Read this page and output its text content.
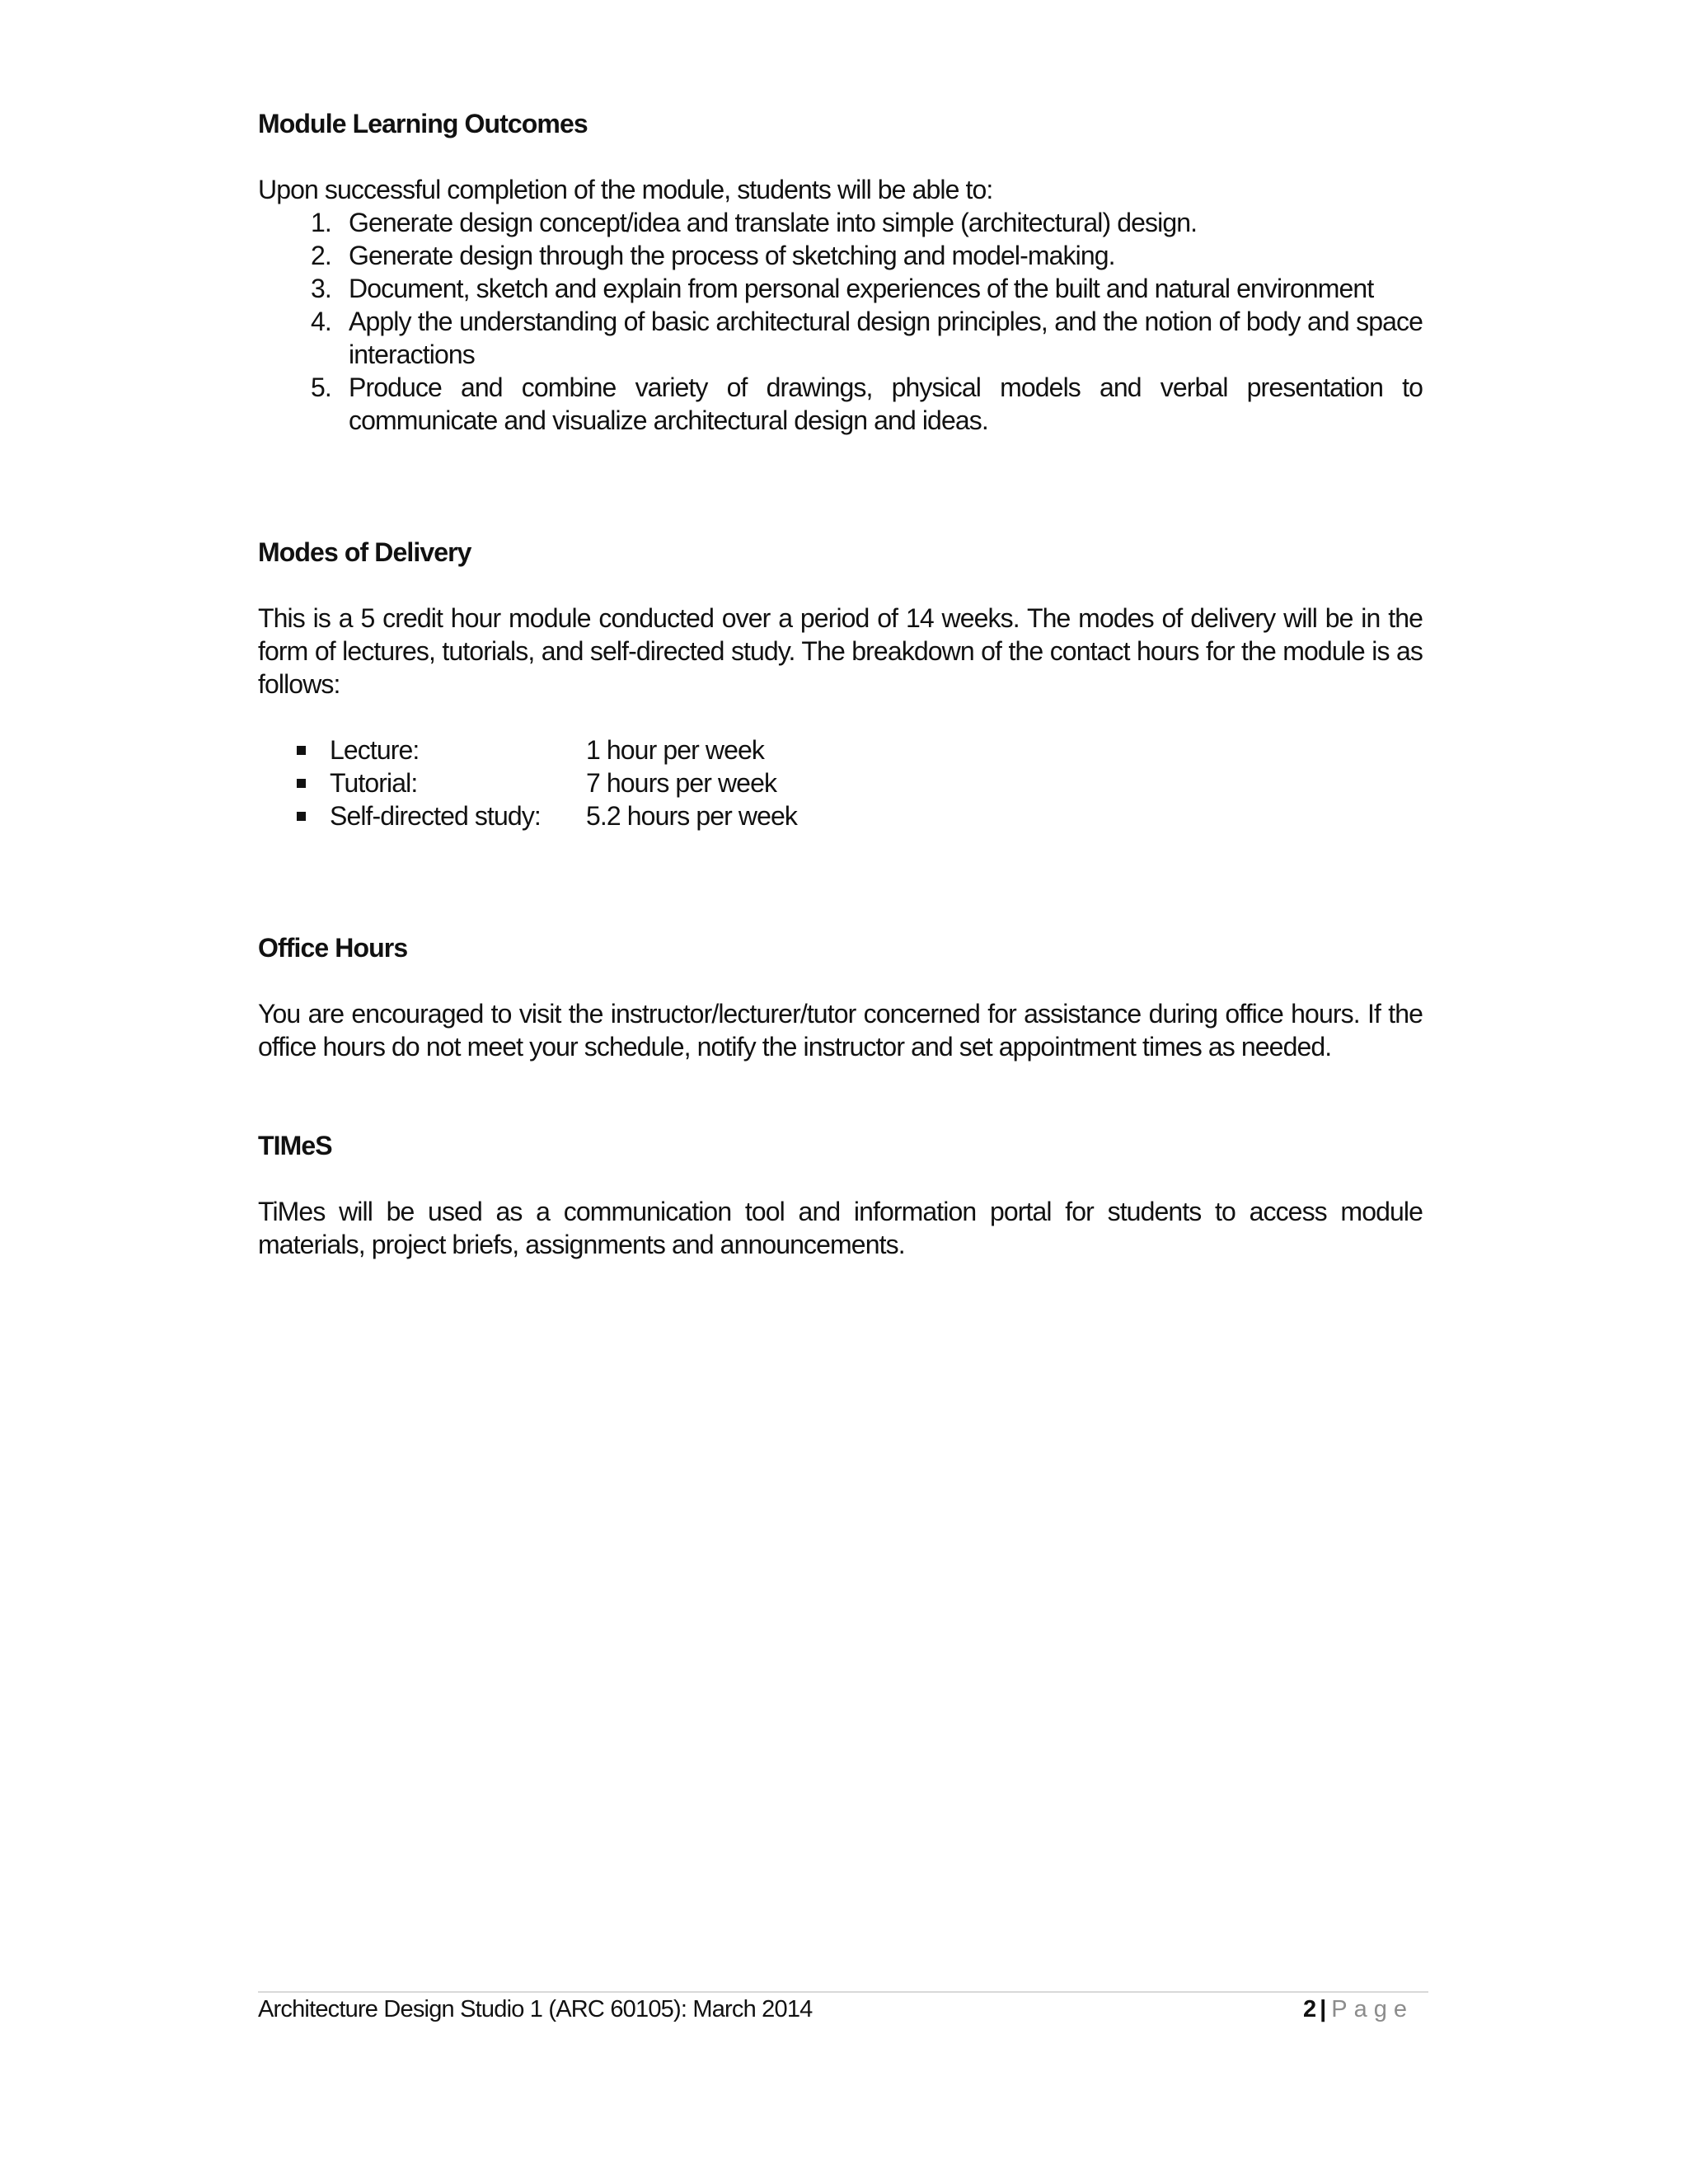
Module Learning Outcomes

Upon successful completion of the module, students will be able to:

1. Generate design concept/idea and translate into simple (architectural) design.
2. Generate design through the process of sketching and model-making.
3. Document, sketch and explain from personal experiences of the built and natural environment
4. Apply the understanding of basic architectural design principles, and the notion of body and space interactions
5. Produce and combine variety of drawings, physical models and verbal presentation to communicate and visualize architectural design and ideas.

Modes of Delivery

This is a 5 credit hour module conducted over a period of 14 weeks. The modes of delivery will be in the form of lectures, tutorials, and self-directed study. The breakdown of the contact hours for the module is as follows:

Lecture:	1 hour per week
Tutorial:	7 hours per week
Self-directed study: 5.2 hours per week

Office Hours

You are encouraged to visit the instructor/lecturer/tutor concerned for assistance during office hours. If the office hours do not meet your schedule, notify the instructor and set appointment times as needed.

TIMeS

TiMes will be used as a communication tool and information portal for students to access module materials, project briefs, assignments and announcements.

Architecture Design Studio 1 (ARC 60105): March 2014	2 | Page
